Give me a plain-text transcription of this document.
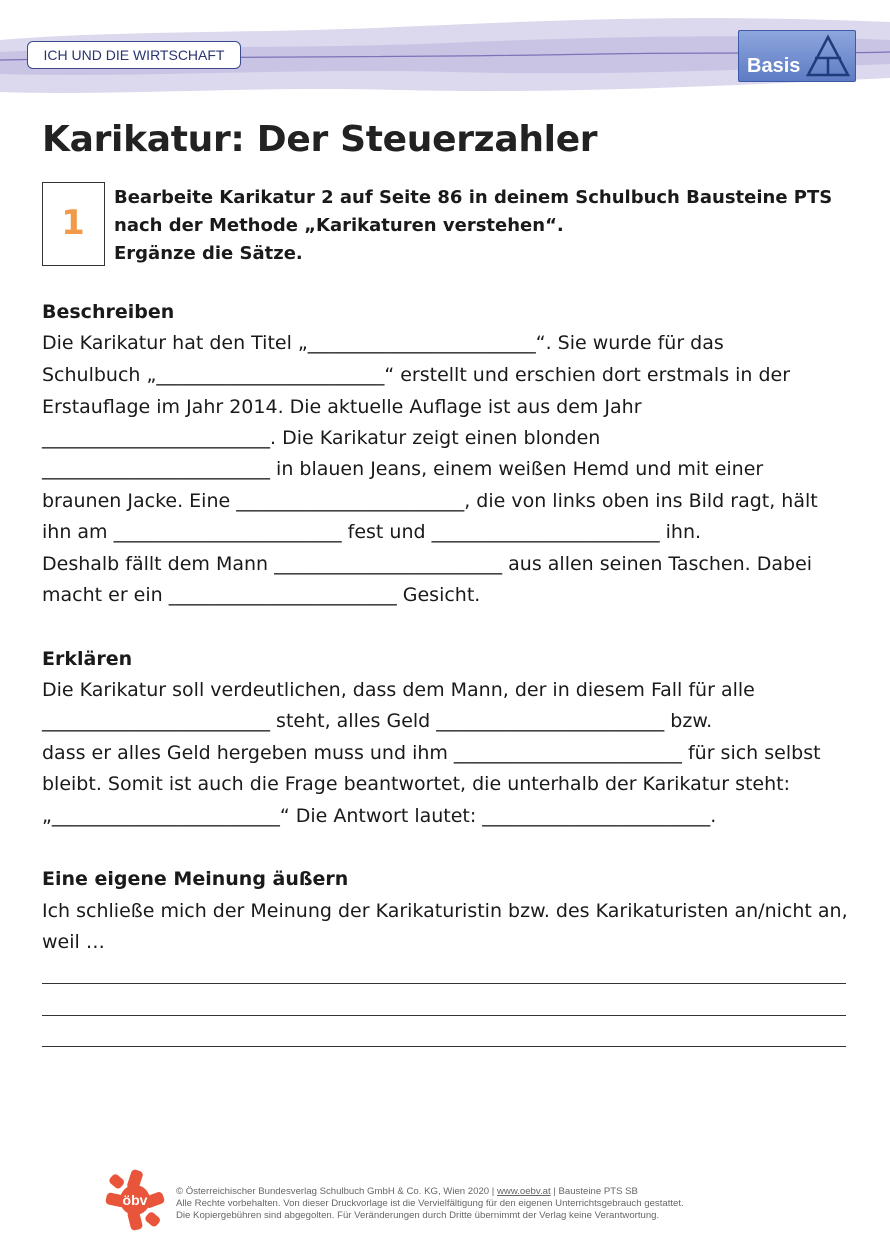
ICH UND DIE WIRTSCHAFT	Basis
Karikatur: Der Steuerzahler
1
Bearbeite Karikatur 2 auf Seite 86 in deinem Schulbuch Bausteine PTS
nach der Methode „Karikaturen verstehen“.
Ergänze die Sätze.
Beschreiben
Die Karikatur hat den Titel „________________________“. Sie wurde für das
Schulbuch „________________________“ erstellt und erschien dort erstmals in der
Erstauflage im Jahr 2014. Die aktuelle Auflage ist aus dem Jahr
________________________. Die Karikatur zeigt einen blonden
________________________ in blauen Jeans, einem weißen Hemd und mit einer
braunen Jacke. Eine ________________________, die von links oben ins Bild ragt, hält
ihn am ________________________ fest und ________________________ ihn.
Deshalb fällt dem Mann ________________________ aus allen seinen Taschen. Dabei
macht er ein ________________________ Gesicht.
Erklären
Die Karikatur soll verdeutlichen, dass dem Mann, der in diesem Fall für alle
________________________ steht, alles Geld ________________________ bzw.
dass er alles Geld hergeben muss und ihm ________________________ für sich selbst
bleibt. Somit ist auch die Frage beantwortet, die unterhalb der Karikatur steht:
„________________________“ Die Antwort lautet: ________________________.
Eine eigene Meinung äußern
Ich schließe mich der Meinung der Karikaturistin bzw. des Karikaturisten an/nicht an,
weil …
öbv
© Österreichischer Bundesverlag Schulbuch GmbH & Co. KG, Wien 2020 | www.oebv.at | Bausteine PTS SB
Alle Rechte vorbehalten. Von dieser Druckvorlage ist die Vervielfältigung für den eigenen Unterrichtsgebrauch gestattet.
Die Kopiergebühren sind abgegolten. Für Veränderungen durch Dritte übernimmt der Verlag keine Verantwortung.
